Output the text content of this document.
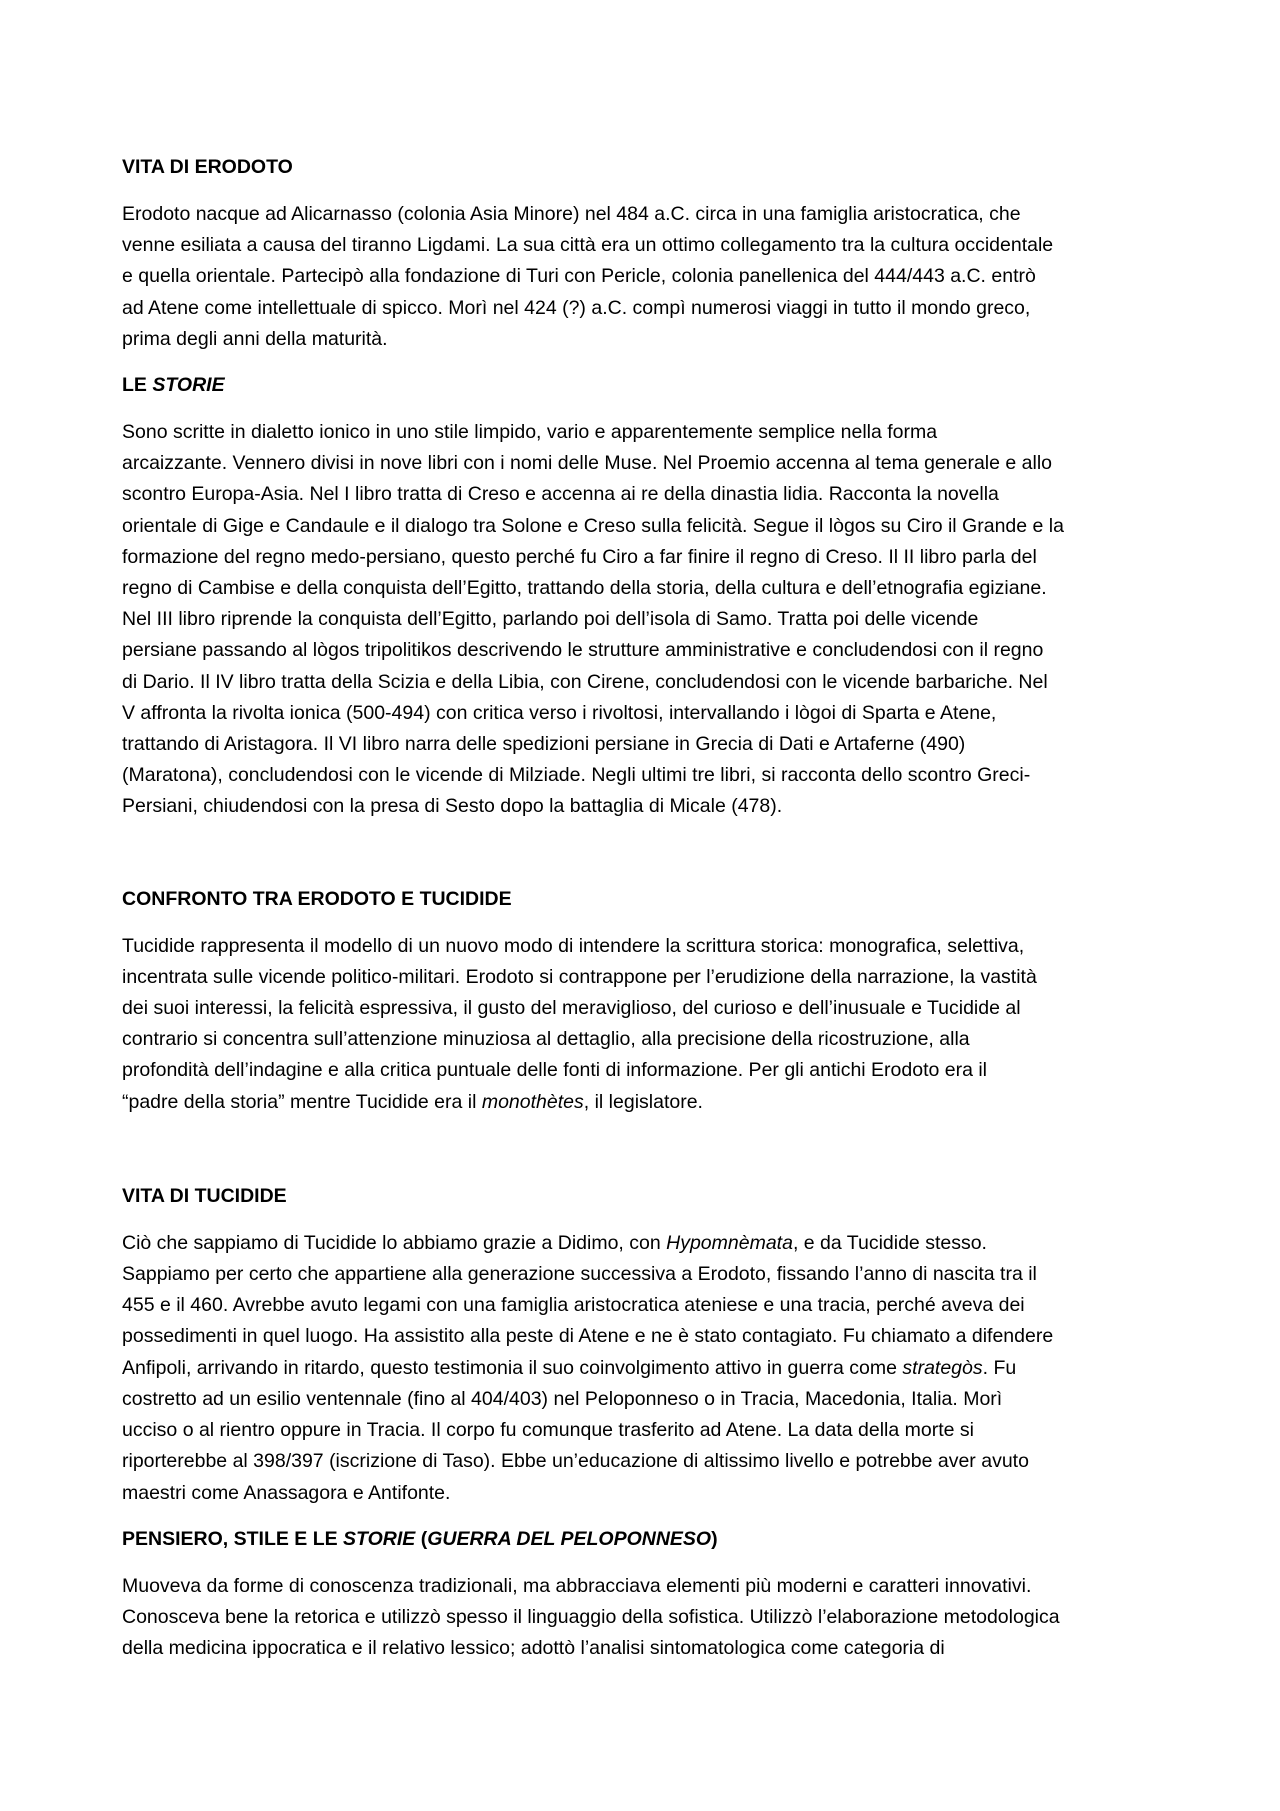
VITA DI ERODOTO
Erodoto nacque ad Alicarnasso (colonia Asia Minore) nel 484 a.C. circa in una famiglia aristocratica, che
venne esiliata a causa del tiranno Ligdami. La sua città era un ottimo collegamento tra la cultura occidentale
e quella orientale. Partecipò alla fondazione di Turi con Pericle, colonia panellenica del 444/443 a.C. entrò
ad Atene come intellettuale di spicco. Morì nel 424 (?) a.C. compì numerosi viaggi in tutto il mondo greco,
prima degli anni della maturità.
LE STORIE
Sono scritte in dialetto ionico in uno stile limpido, vario e apparentemente semplice nella forma
arcaizzante. Vennero divisi in nove libri con i nomi delle Muse. Nel Proemio accenna al tema generale e allo
scontro Europa-Asia. Nel I libro tratta di Creso e accenna ai re della dinastia lidia. Racconta la novella
orientale di Gige e Candaule e il dialogo tra Solone e Creso sulla felicità. Segue il lògos su Ciro il Grande e la
formazione del regno medo-persiano, questo perché fu Ciro a far finire il regno di Creso. Il II libro parla del
regno di Cambise e della conquista dell’Egitto, trattando della storia, della cultura e dell’etnografia egiziane.
Nel III libro riprende la conquista dell’Egitto, parlando poi dell’isola di Samo. Tratta poi delle vicende
persiane passando al lògos tripolitikos descrivendo le strutture amministrative e concludendosi con il regno
di Dario. Il IV libro tratta della Scizia e della Libia, con Cirene, concludendosi con le vicende barbariche. Nel
V affronta la rivolta ionica (500-494) con critica verso i rivoltosi, intervallando i lògoi di Sparta e Atene,
trattando di Aristagora. Il VI libro narra delle spedizioni persiane in Grecia di Dati e Artaferne (490)
(Maratona), concludendosi con le vicende di Milziade. Negli ultimi tre libri, si racconta dello scontro Greci-
Persiani, chiudendosi con la presa di Sesto dopo la battaglia di Micale (478).
CONFRONTO TRA ERODOTO E TUCIDIDE
Tucidide rappresenta il modello di un nuovo modo di intendere la scrittura storica: monografica, selettiva,
incentrata sulle vicende politico-militari. Erodoto si contrappone per l’erudizione della narrazione, la vastità
dei suoi interessi, la felicità espressiva, il gusto del meraviglioso, del curioso e dell’inusuale e Tucidide al
contrario si concentra sull’attenzione minuziosa al dettaglio, alla precisione della ricostruzione, alla
profondità dell’indagine e alla critica puntuale delle fonti di informazione. Per gli antichi Erodoto era il
“padre della storia” mentre Tucidide era il monothètes, il legislatore.
VITA DI TUCIDIDE
Ciò che sappiamo di Tucidide lo abbiamo grazie a Didimo, con Hypomnèmata, e da Tucidide stesso.
Sappiamo per certo che appartiene alla generazione successiva a Erodoto, fissando l’anno di nascita tra il
455 e il 460. Avrebbe avuto legami con una famiglia aristocratica ateniese e una tracia, perché aveva dei
possedimenti in quel luogo. Ha assistito alla peste di Atene e ne è stato contagiato. Fu chiamato a difendere
Anfipoli, arrivando in ritardo, questo testimonia il suo coinvolgimento attivo in guerra come strategòs. Fu
costretto ad un esilio ventennale (fino al 404/403) nel Peloponneso o in Tracia, Macedonia, Italia. Morì
ucciso o al rientro oppure in Tracia. Il corpo fu comunque trasferito ad Atene. La data della morte si
riporterebbe al 398/397 (iscrizione di Taso). Ebbe un’educazione di altissimo livello e potrebbe aver avuto
maestri come Anassagora e Antifonte.
PENSIERO, STILE E LE STORIE (GUERRA DEL PELOPONNESO)
Muoveva da forme di conoscenza tradizionali, ma abbracciava elementi più moderni e caratteri innovativi.
Conosceva bene la retorica e utilizzò spesso il linguaggio della sofistica. Utilizzò l’elaborazione metodologica
della medicina ippocratica e il relativo lessico; adottò l’analisi sintomatologica come categoria di
